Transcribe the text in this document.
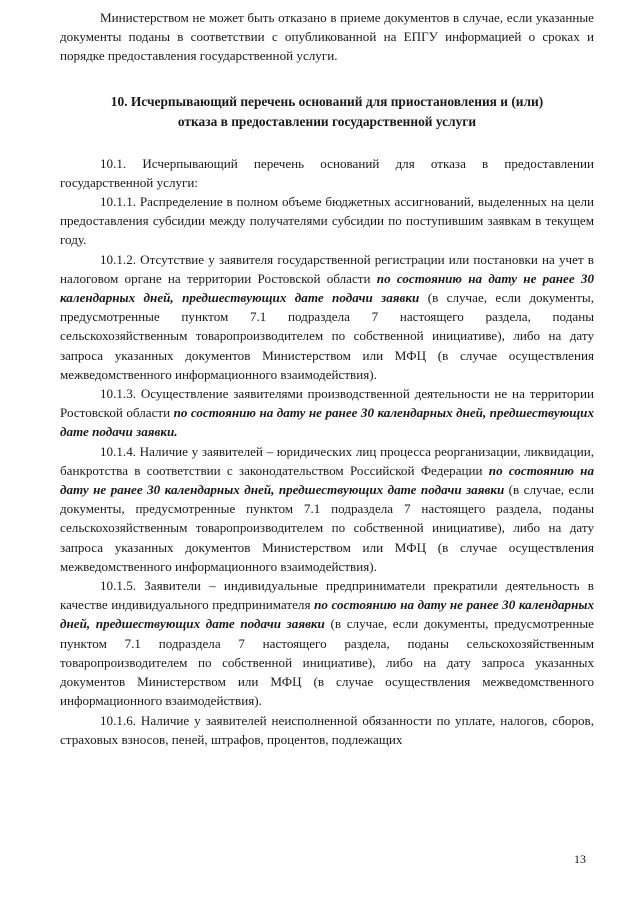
Министерством не может быть отказано в приеме документов в случае, если указанные документы поданы в соответствии с опубликованной на ЕПГУ информацией о сроках и порядке предоставления государственной услуги.

10. Исчерпывающий перечень оснований для приостановления и (или)
отказа в предоставлении государственной услуги

10.1. Исчерпывающий перечень оснований для отказа в предоставлении государственной услуги:

10.1.1. Распределение в полном объеме бюджетных ассигнований, выделенных на цели предоставления субсидии между получателями субсидии по поступившим заявкам в текущем году.

10.1.2. Отсутствие у заявителя государственной регистрации или постановки на учет в налоговом органе на территории Ростовской области по состоянию на дату не ранее 30 календарных дней, предшествующих дате подачи заявки (в случае, если документы, предусмотренные пунктом 7.1 подраздела 7 настоящего раздела, поданы сельскохозяйственным товаропроизводителем по собственной инициативе), либо на дату запроса указанных документов Министерством или МФЦ (в случае осуществления межведомственного информационного взаимодействия).

10.1.3. Осуществление заявителями производственной деятельности не на территории Ростовской области по состоянию на дату не ранее 30 календарных дней, предшествующих дате подачи заявки.

10.1.4. Наличие у заявителей – юридических лиц процесса реорганизации, ликвидации, банкротства в соответствии с законодательством Российской Федерации по состоянию на дату не ранее 30 календарных дней, предшествующих дате подачи заявки (в случае, если документы, предусмотренные пунктом 7.1 подраздела 7 настоящего раздела, поданы сельскохозяйственным товаропроизводителем по собственной инициативе), либо на дату запроса указанных документов Министерством или МФЦ (в случае осуществления межведомственного информационного взаимодействия).

10.1.5. Заявители – индивидуальные предприниматели прекратили деятельность в качестве индивидуального предпринимателя по состоянию на дату не ранее 30 календарных дней, предшествующих дате подачи заявки (в случае, если документы, предусмотренные пунктом 7.1 подраздела 7 настоящего раздела, поданы сельскохозяйственным товаропроизводителем по собственной инициативе), либо на дату запроса указанных документов Министерством или МФЦ (в случае осуществления межведомственного информационного взаимодействия).

10.1.6. Наличие у заявителей неисполненной обязанности по уплате, налогов, сборов, страховых взносов, пеней, штрафов, процентов, подлежащих

13
